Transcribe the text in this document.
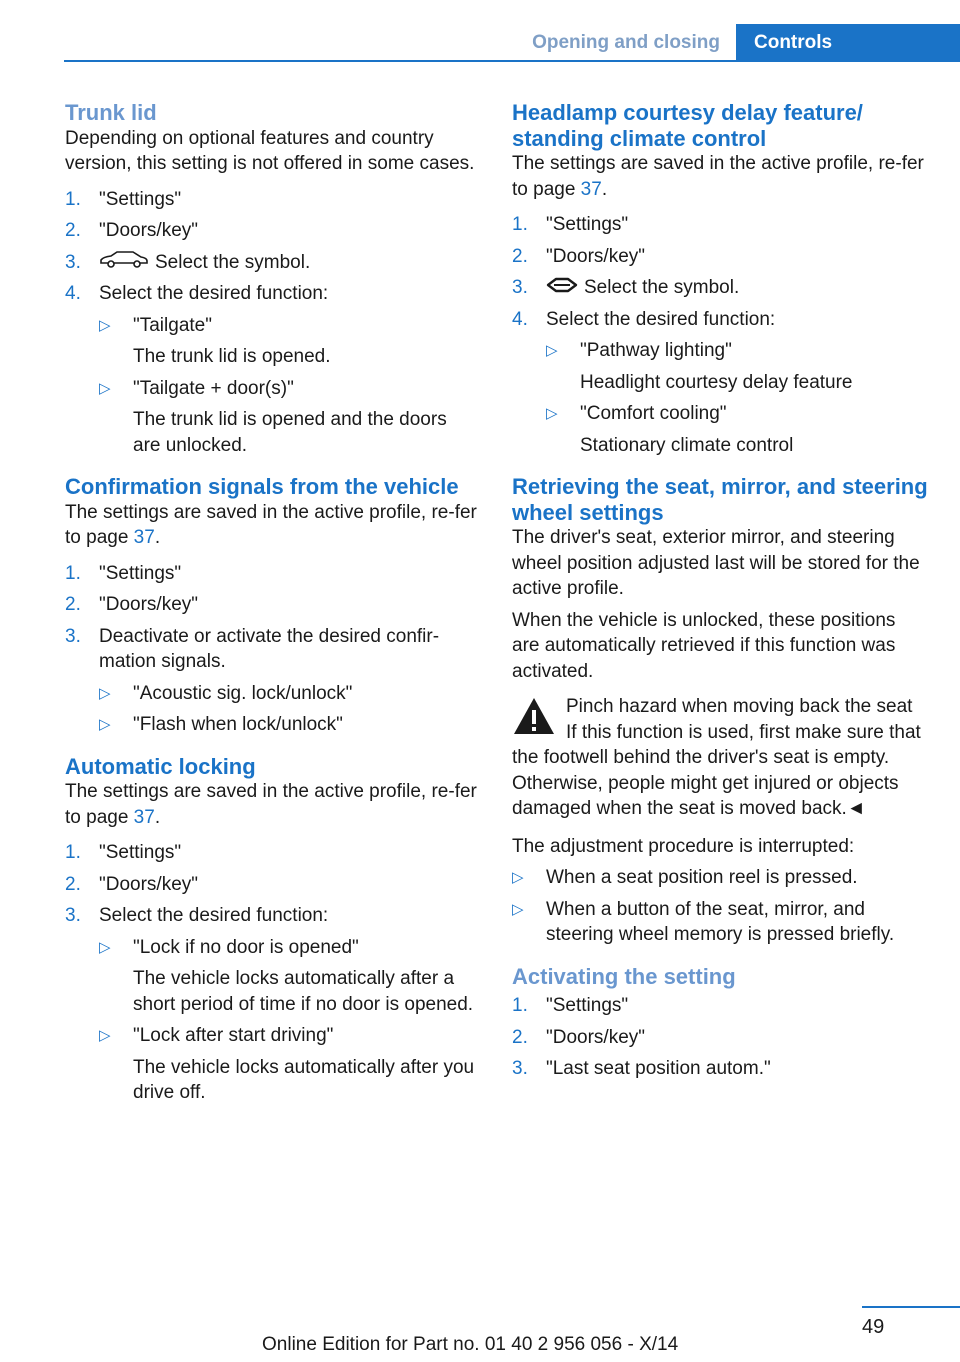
Opening and closing	Controls
Trunk lid

Depending on optional features and country version, this setting is not offered in some cases.

1. "Settings"
2. "Doors/key"
3.	Select the symbol.
4. Select the desired function:
▷ "Tailgate"
The trunk lid is opened.
▷ "Tailgate + door(s)"
The trunk lid is opened and the doors are unlocked.
Confirmation signals from the vehicle

The settings are saved in the active profile, re-fer to page 37.

1. "Settings"
2. "Doors/key"
3. Deactivate or activate the desired confir-mation signals.
▷ "Acoustic sig. lock/unlock"
▷ "Flash when lock/unlock"
Automatic locking

The settings are saved in the active profile, re-fer to page 37.

1. "Settings"
2. "Doors/key"
3. Select the desired function:
▷ "Lock if no door is opened"
The vehicle locks automatically after a short period of time if no door is opened.
▷ "Lock after start driving"
The vehicle locks automatically after you drive off.
Headlamp courtesy delay feature/ standing climate control

The settings are saved in the active profile, re-fer to page 37.

1. "Settings"
2. "Doors/key"
3.	Select the symbol.
4. Select the desired function:
▷ "Pathway lighting"
Headlight courtesy delay feature
▷ "Comfort cooling"
Stationary climate control
Retrieving the seat, mirror, and steering wheel settings

The driver's seat, exterior mirror, and steering wheel position adjusted last will be stored for the active profile.

When the vehicle is unlocked, these positions are automatically retrieved if this function was activated.

Pinch hazard when moving back the seat
If this function is used, first make sure that the footwell behind the driver's seat is empty. Otherwise, people might get injured or objects damaged when the seat is moved back.◄

The adjustment procedure is interrupted:

▷ When a seat position reel is pressed.
▷ When a button of the seat, mirror, and steering wheel memory is pressed briefly.
Activating the setting
1. "Settings"
2. "Doors/key"
3. "Last seat position autom."
49
Online Edition for Part no. 01 40 2 956 056 - X/14
